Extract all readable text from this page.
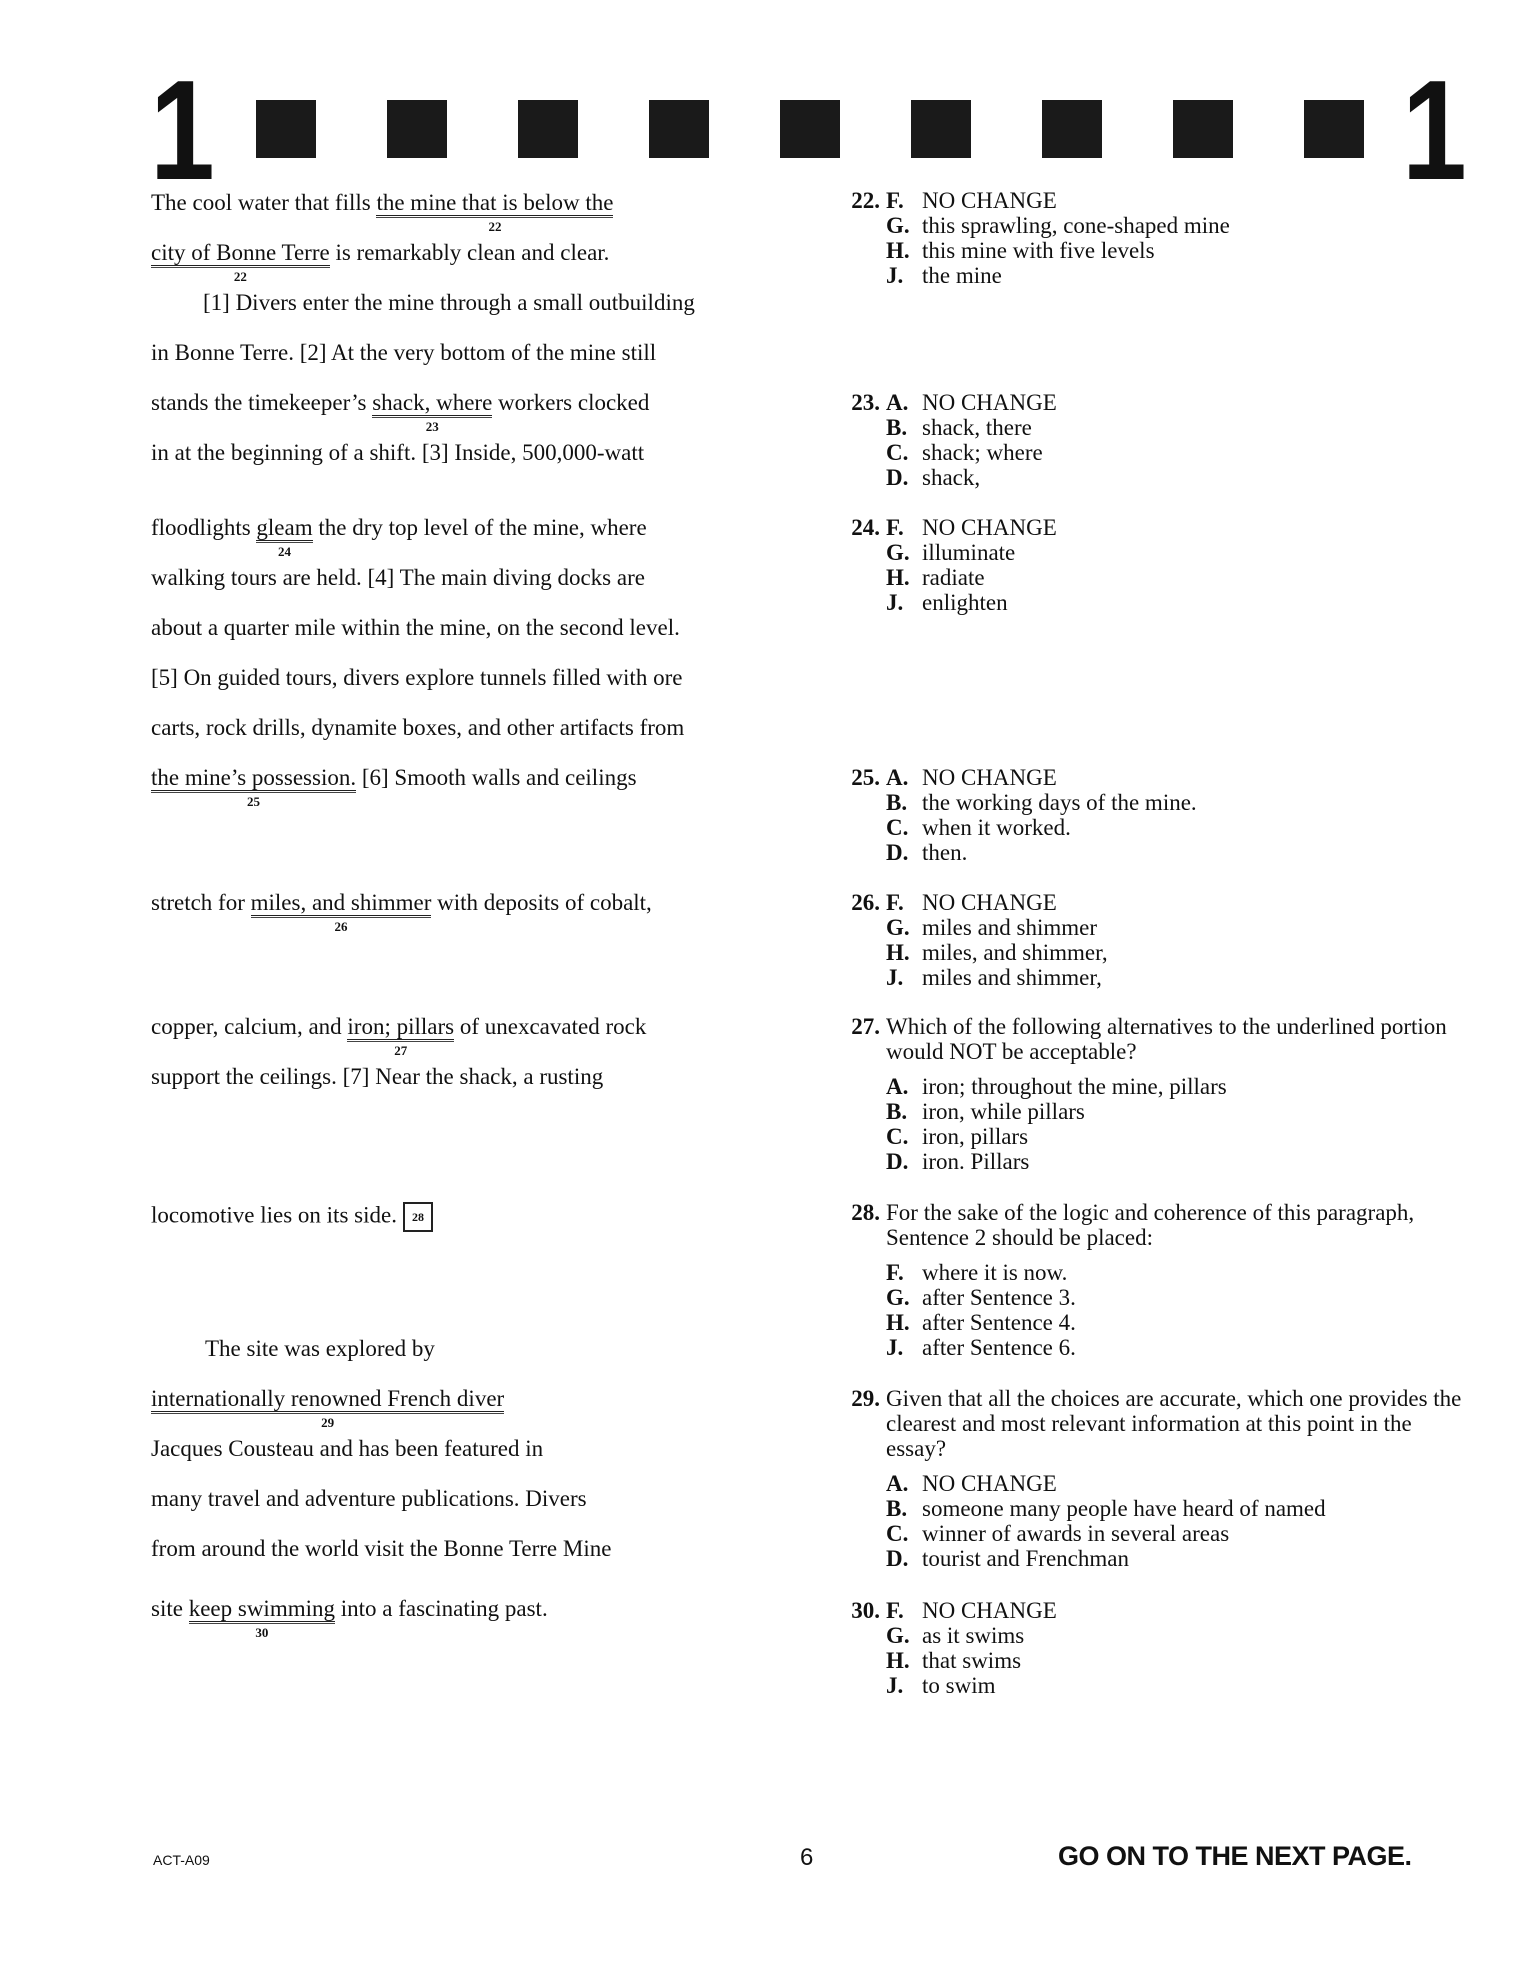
1	1
The cool water that fills the mine that is below the
22
city of Bonne Terre
22
is remarkably clean and clear.
[1] Divers enter the mine through a small outbuilding
in Bonne Terre. [2] At the very bottom of the mine still
stands the timekeeper’s shack, where
23
workers clocked
in at the beginning of a shift. [3] Inside, 500,000-watt
floodlights gleam
24
the dry top level of the mine, where
walking tours are held. [4] The main diving docks are
about a quarter mile within the mine, on the second level.
[5] On guided tours, divers explore tunnels filled with ore
carts, rock drills, dynamite boxes, and other artifacts from
the mine’s possession.
25
[6] Smooth walls and ceilings
stretch for miles, and shimmer
26
with deposits of cobalt,
copper, calcium, and iron; pillars
27
of unexcavated rock
support the ceilings. [7] Near the shack, a rusting
locomotive lies on its side. 28
The site was explored by
internationally renowned French diver
29
Jacques Cousteau and has been featured in
many travel and adventure publications. Divers
from around the world visit the Bonne Terre Mine
site keep swimming
30
into a fascinating past.
22. F. NO CHANGE
G. this sprawling, cone-shaped mine
H. this mine with five levels
J. the mine
23. A. NO CHANGE
B. shack, there
C. shack; where
D. shack,
24. F. NO CHANGE
G. illuminate
H. radiate
J. enlighten
25. A. NO CHANGE
B. the working days of the mine.
C. when it worked.
D. then.
26. F. NO CHANGE
G. miles and shimmer
H. miles, and shimmer,
J. miles and shimmer,
27. Which of the following alternatives to the underlined portion would NOT be acceptable?
A. iron; throughout the mine, pillars
B. iron, while pillars
C. iron, pillars
D. iron. Pillars
28. For the sake of the logic and coherence of this paragraph, Sentence 2 should be placed:
F. where it is now.
G. after Sentence 3.
H. after Sentence 4.
J. after Sentence 6.
29. Given that all the choices are accurate, which one provides the clearest and most relevant information at this point in the essay?
A. NO CHANGE
B. someone many people have heard of named
C. winner of awards in several areas
D. tourist and Frenchman
30. F. NO CHANGE
G. as it swims
H. that swims
J. to swim
ACT-A09	6	GO ON TO THE NEXT PAGE.
